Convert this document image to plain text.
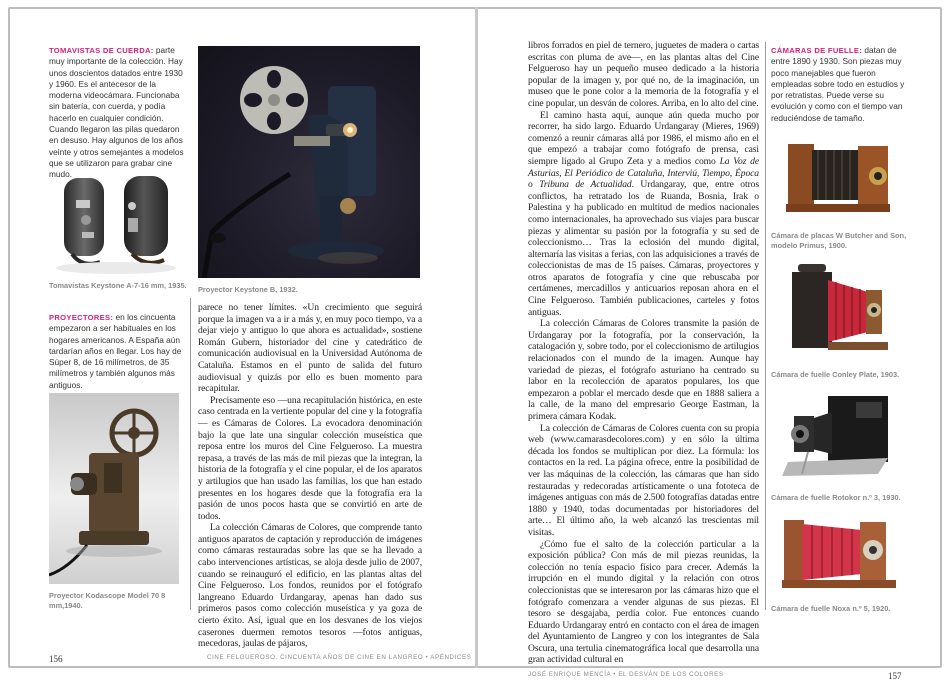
TOMAVISTAS DE CUERDA: parte muy importante de la colección. Hay unos doscientos datados entre 1930 y 1960. Es el antecesor de la moderna videocámara. Funcionaba sin batería, con cuerda, y podía hacerlo en cualquier condición. Cuando llegaron las pilas quedaron en desuso. Hay algunos de los años veinte y otros semejantes a modelos que se utilizaron para grabar cine mudo.
Tomavistas Keystone A-7-16 mm, 1935.
PROYECTORES: en los cincuenta empezaron a ser habituales en los hogares americanos. A España aún tardarían años en llegar. Los hay de Súper 8, de 16 milímetros, de 35 milímetros y también algunos más antiguos.
Proyector Kodascope Model 70 8 mm,1940.
Proyector Keystone B, 1932.

parece no tener límites. «Un crecimiento que seguirá porque la imagen va a ir a más y, en muy poco tiempo, va a dejar viejo y antiguo lo que ahora es actualidad», sostiene Román Gubern, historiador del cine y catedrático de comunicación audiovisual en la Universidad Autónoma de Cataluña. Estamos en el punto de salida del futuro audiovisual y quizás por ello es buen momento para recapitular.

Precisamente eso —una recapitulación histórica, en este caso centrada en la vertiente popular del cine y la fotografía— es Cámaras de Colores. La evocadora denominación bajo la que late una singular colección museística que reposa entre los muros del Cine Felgueroso. La muestra repasa, a través de las más de mil piezas que la integran, la historia de la fotografía y el cine popular, el de los aparatos y artilugios que han usado las familias, los que han estado presentes en los hogares desde que la fotografía era la pasión de unos pocos hasta que se convirtió en arte de todos.

La colección Cámaras de Colores, que comprende tanto antiguos aparatos de captación y reproducción de imágenes como cámaras restauradas sobre las que se ha llevado a cabo intervenciones artísticas, se aloja desde julio de 2007, cuando se reinauguró el edificio, en las plantas altas del Cine Felgueroso. Los fondos, reunidos por el fotógrafo langreano Eduardo Urdangaray, apenas han dado sus primeros pasos como colección museística y ya goza de cierto éxito. Así, igual que en los desvanes de los viejos caserones duermen remotos tesoros —fotos antiguas, mecedoras, jaulas de pájaros,

156	CINE FELGUEROSO. CINCUENTA AÑOS DE CINE EN LANGREO • APÉNDICES

libros forrados en piel de ternero, juguetes de madera o cartas escritas con pluma de ave—, en las plantas altas del Cine Felgueroso hay un pequeño museo dedicado a la historia popular de la imagen y, por qué no, de la imaginación, un museo que le pone color a la memoria de la fotografía y el cine popular, un desván de colores. Arriba, en lo alto del cine.

El camino hasta aquí, aunque aún queda mucho por recorrer, ha sido largo. Eduardo Urdangaray (Mieres, 1969) comenzó a reunir cámaras allá por 1986, el mismo año en el que empezó a trabajar como fotógrafo de prensa, casi siempre ligado al Grupo Zeta y a medios como La Voz de Asturias, El Periódico de Cataluña, Interviú, Tiempo, Época o Tribuna de Actualidad. Urdangaray, que, entre otros conflictos, ha retratado los de Ruanda, Bosnia, Irak o Palestina y ha publicado en multitud de medios nacionales como internacionales, ha aprovechado sus viajes para buscar piezas y alimentar su pasión por la fotografía y su sed de coleccionismo… Tras la eclosión del mundo digital, alternaría las visitas a ferias, con las adquisiciones a través de coleccionistas de mas de 15 países. Cámaras, proyectores y otros aparatos de fotografía y cine que rebuscaba por certámenes, mercadillos y anticuarios reposan ahora en el Cine Felgueroso. También publicaciones, carteles y fotos antiguas.

La colección Cámaras de Colores transmite la pasión de Urdangaray por la fotografía, por la conservación, la catalogación y, sobre todo, por el coleccionismo de artilugios relacionados con el mundo de la imagen. Aunque hay variedad de piezas, el fotógrafo asturiano ha centrado su labor en la recolección de aparatos populares, los que empezaron a poblar el mercado desde que en 1888 saliera a la calle, de la mano del empresario George Eastman, la primera cámara Kodak.

La colección de Cámaras de Colores cuenta con su propia web (www.camarasdecolores.com) y en sólo la última década los fondos se multiplican por diez. La fórmula: los contactos en la red. La página ofrece, entre la posibilidad de ver las máquinas de la colección, las cámaras que han sido restauradas y redecoradas artísticamente o una fototeca de imágenes antiguas con más de 2.500 fotografías datadas entre 1880 y 1940, todas documentadas por historiadores del arte… El último año, la web alcanzó las trescientas mil visitas.

¿Cómo fue el salto de la colección particular a la exposición pública? Con más de mil piezas reunidas, la colección no tenía espacio físico para crecer. Además la irrupción en el mundo digital y la relación con otros coleccionistas que se interesaron por las cámaras hizo que el fotógrafo comenzara a vender algunas de sus piezas. El tesoro se desgajaba, perdía color. Fue entonces cuando Eduardo Urdangaray entró en contacto con el área de imagen del Ayuntamiento de Langreo y con los integrantes de Sala Oscura, una tertulia cinematográfica local que desarrolla una gran actividad cultural en

CÁMARAS DE FUELLE: datan de entre 1890 y 1930. Son piezas muy poco manejables que fueron empleadas sobre todo en estudios y por retratistas. Puede verse su evolución y como con el tiempo van reduciéndose de tamaño.
Cámara de placas W Butcher and Son, modelo Primus, 1900.
Cámara de fuelle Conley Plate, 1903.
Cámara de fuelle Rotokor n.º 3, 1930.
Cámara de fuelle Noxa n.º 5, 1920.
157
JOSÉ ENRIQUE MENCÍA • EL DESVÁN DE LOS COLORES
